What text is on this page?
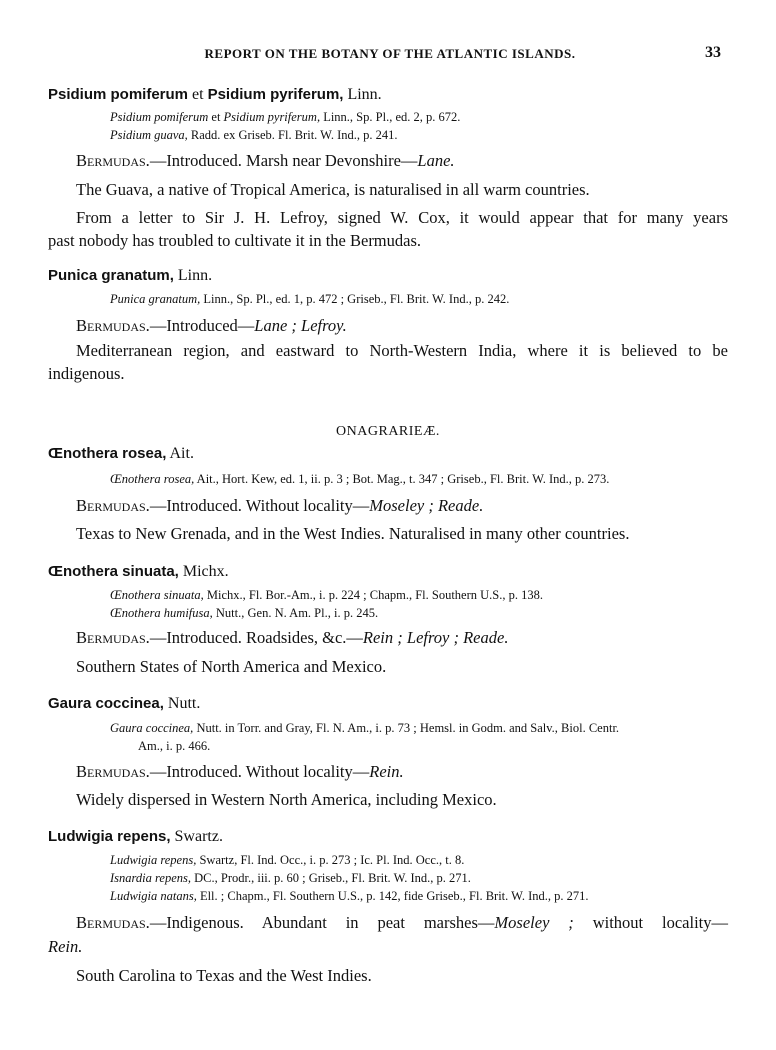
REPORT ON THE BOTANY OF THE ATLANTIC ISLANDS.	33
Psidium pomiferum et Psidium pyriferum, Linn.
Psidium pomiferum et Psidium pyriferum, Linn., Sp. Pl., ed. 2, p. 672.
Psidium guava, Radd. ex Griseb. Fl. Brit. W. Ind., p. 241.
Bermudas.—Introduced. Marsh near Devonshire—Lane.
The Guava, a native of Tropical America, is naturalised in all warm countries.
From a letter to Sir J. H. Lefroy, signed W. Cox, it would appear that for many years
past nobody has troubled to cultivate it in the Bermudas.
Punica granatum, Linn.
Punica granatum, Linn., Sp. Pl., ed. 1, p. 472 ; Griseb., Fl. Brit. W. Ind., p. 242.
Bermudas.—Introduced—Lane ; Lefroy.
Mediterranean region, and eastward to North-Western India, where it is believed to be
indigenous.
ONAGRARIEÆ.
Œnothera rosea, Ait.
Œnothera rosea, Ait., Hort. Kew, ed. 1, ii. p. 3 ; Bot. Mag., t. 347 ; Griseb., Fl. Brit. W. Ind., p. 273.
Bermudas.—Introduced. Without locality—Moseley ; Reade.
Texas to New Grenada, and in the West Indies. Naturalised in many other countries.
Œnothera sinuata, Michx.
Œnothera sinuata, Michx., Fl. Bor.-Am., i. p. 224 ; Chapm., Fl. Southern U.S., p. 138.
Œnothera humifusa, Nutt., Gen. N. Am. Pl., i. p. 245.
Bermudas.—Introduced. Roadsides, &c.—Rein ; Lefroy ; Reade.
Southern States of North America and Mexico.
Gaura coccinea, Nutt.
Gaura coccinea, Nutt. in Torr. and Gray, Fl. N. Am., i. p. 73 ; Hemsl. in Godm. and Salv., Biol. Centr.
Am., i. p. 466.
Bermudas.—Introduced. Without locality—Rein.
Widely dispersed in Western North America, including Mexico.
Ludwigia repens, Swartz.
Ludwigia repens, Swartz, Fl. Ind. Occ., i. p. 273 ; Ic. Pl. Ind. Occ., t. 8.
Isnardia repens, DC., Prodr., iii. p. 60 ; Griseb., Fl. Brit. W. Ind., p. 271.
Ludwigia natans, Ell. ; Chapm., Fl. Southern U.S., p. 142, fide Griseb., Fl. Brit. W. Ind., p. 271.
Bermudas.—Indigenous. Abundant in peat marshes—Moseley ; without locality—
Rein.
South Carolina to Texas and the West Indies.
